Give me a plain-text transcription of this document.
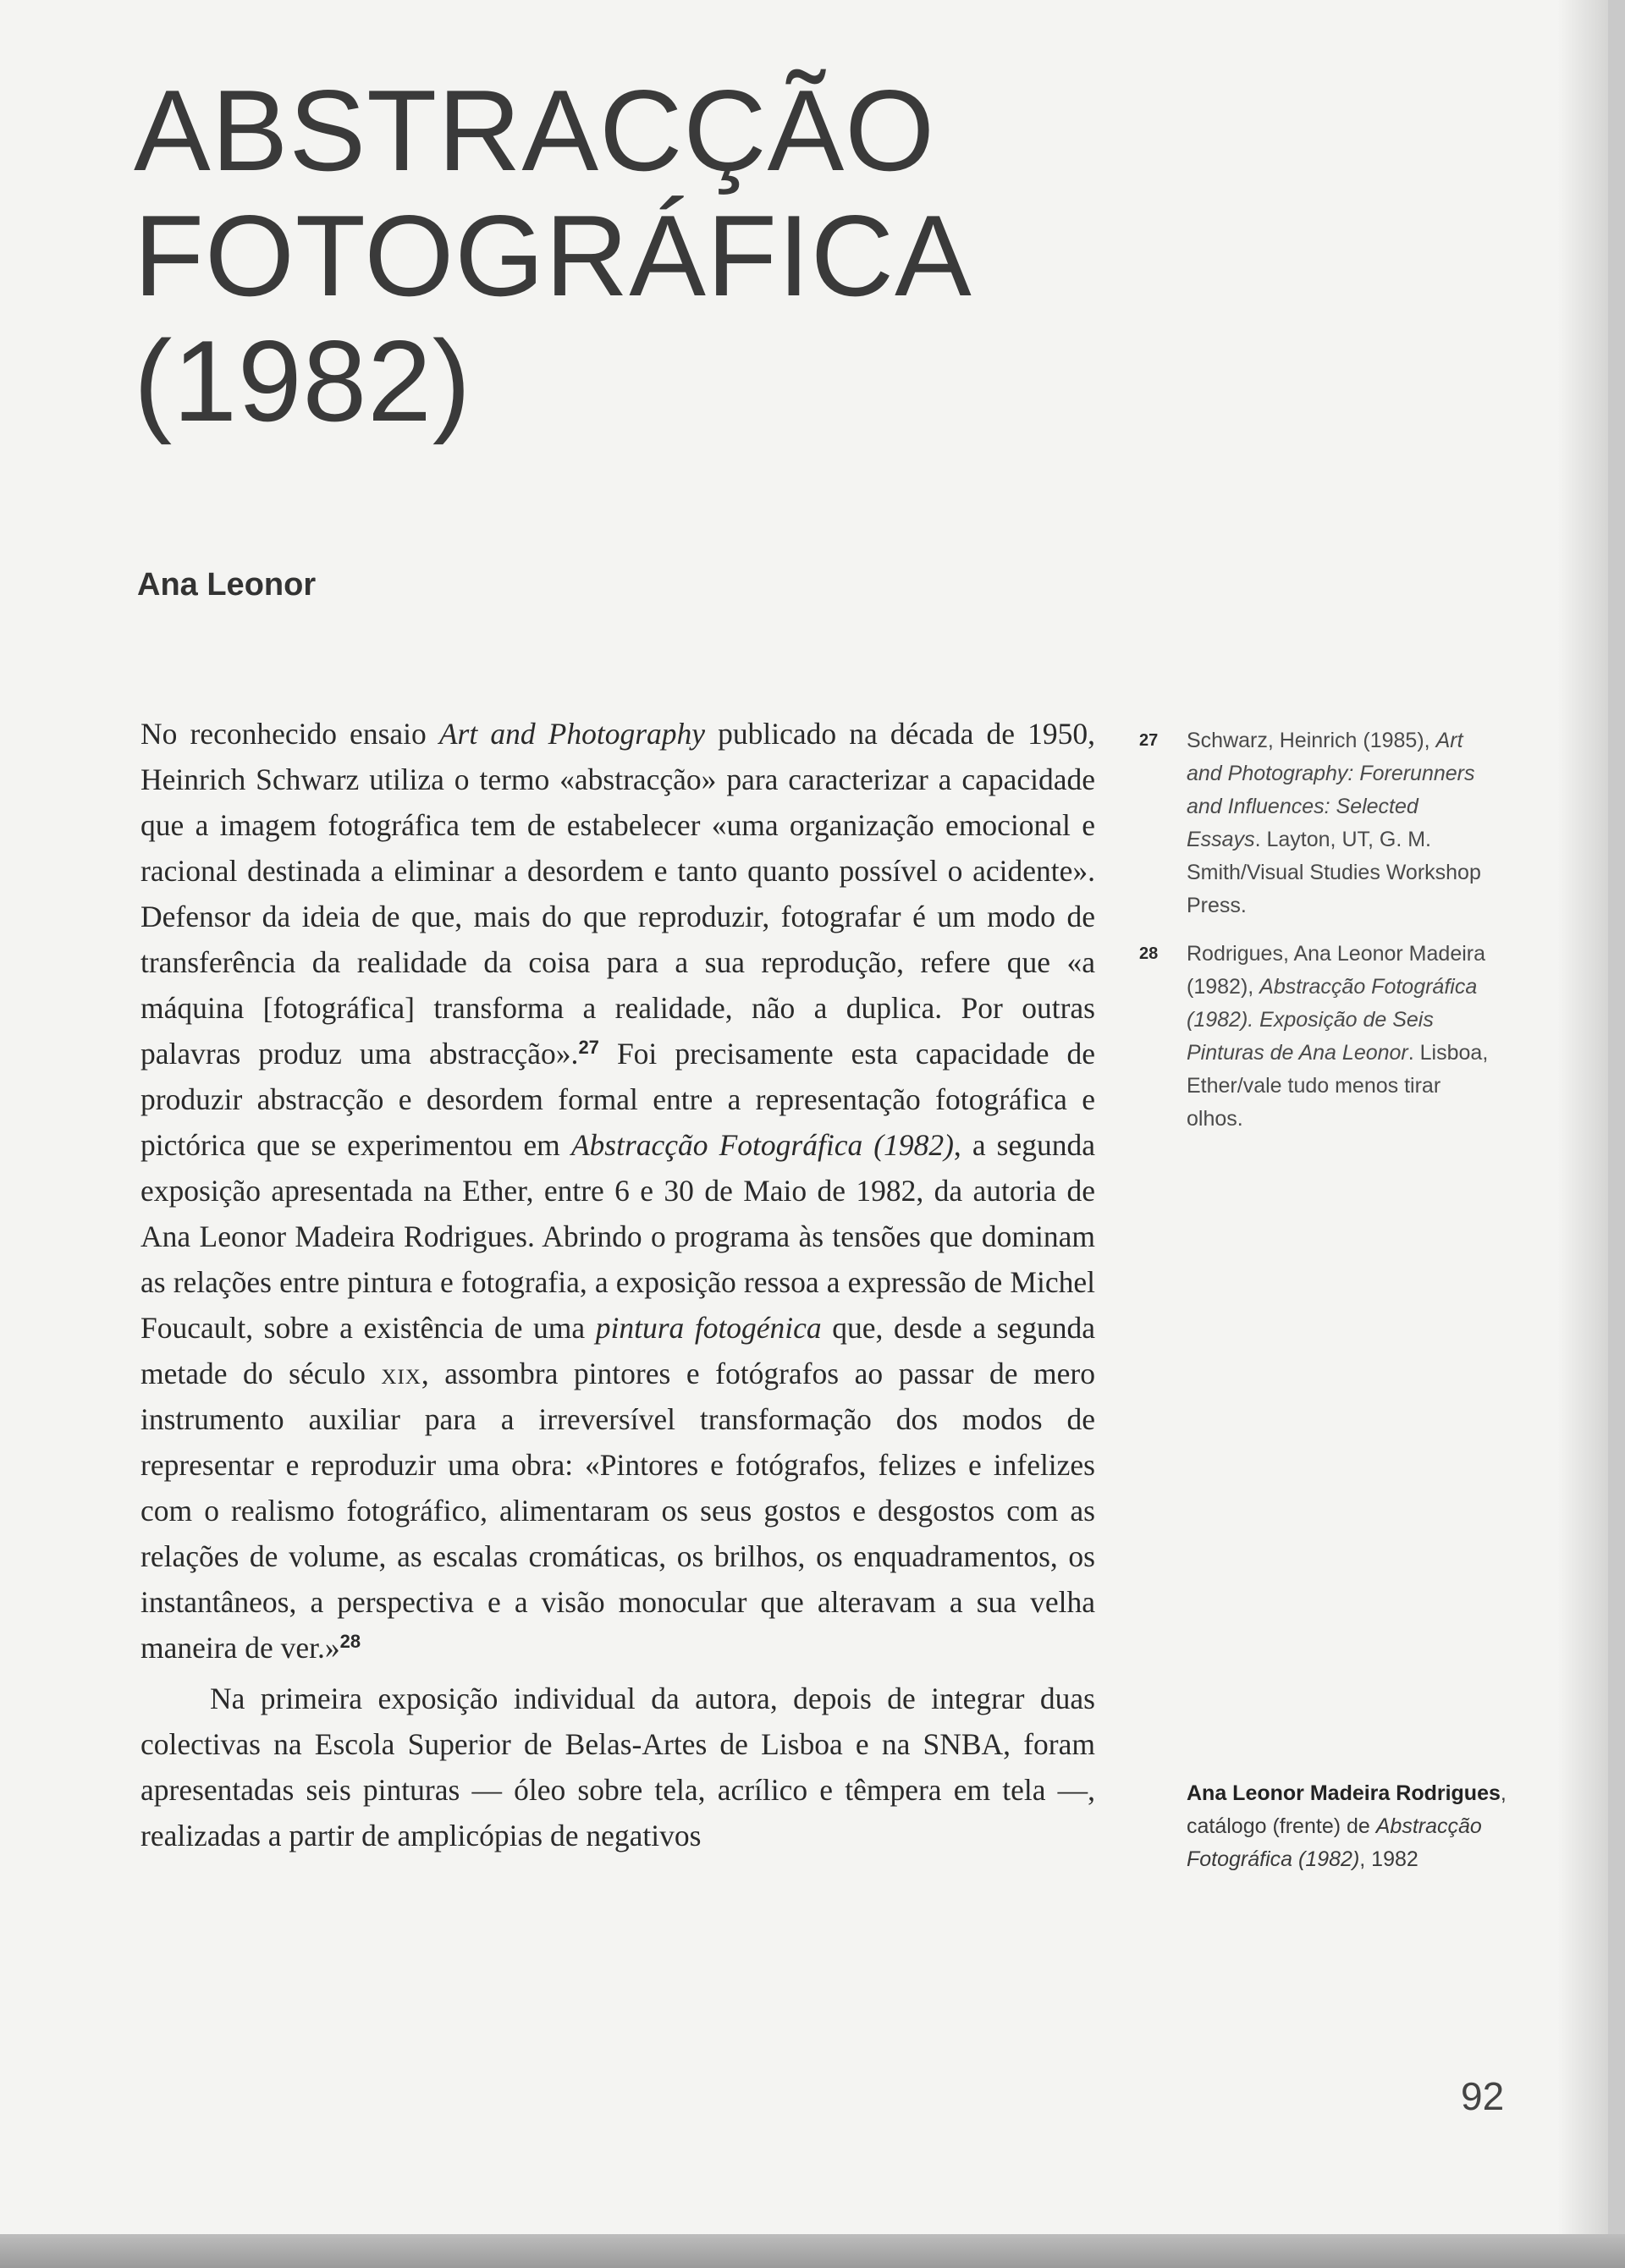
ABSTRACÇÃO
FOTOGRÁFICA
(1982)
Ana Leonor

No reconhecido ensaio Art and Photography publicado na década de 1950, Heinrich Schwarz utiliza o termo «abstracção» para caracterizar a capacidade que a imagem fotográfica tem de estabelecer «uma organização emocional e racional destinada a eliminar a desordem e tanto quanto possível o acidente». Defensor da ideia de que, mais do que reproduzir, fotografar é um modo de transferência da realidade da coisa para a sua reprodução, refere que «a máquina [fotográfica] transforma a realidade, não a duplica. Por outras palavras produz uma abstracção».$^{27}$ Foi precisamente esta capacidade de produzir abstracção e desordem formal entre a representação fotográfica e pictórica que se experimentou em Abstracção Fotográfica (1982), a segunda exposição apresentada na Ether, entre 6 e 30 de Maio de 1982, da autoria de Ana Leonor Madeira Rodrigues. Abrindo o programa às tensões que dominam as relações entre pintura e fotografia, a exposição ressoa a expressão de Michel Foucault, sobre a existência de uma pintura fotogénica que, desde a segunda metade do século xix, assombra pintores e fotógrafos ao passar de mero instrumento auxiliar para a irreversível transformação dos modos de representar e reproduzir uma obra: «Pintores e fotógrafos, felizes e infelizes com o realismo fotográfico, alimentaram os seus gostos e desgostos com as relações de volume, as escalas cromáticas, os brilhos, os enquadramentos, os instantâneos, a perspectiva e a visão monocular que alteravam a sua velha maneira de ver.»$^{28}$

Na primeira exposição individual da autora, depois de integrar duas colectivas na Escola Superior de Belas-Artes de Lisboa e na SNBA, foram apresentadas seis pinturas — óleo sobre tela, acrílico e têmpera em tela —, realizadas a partir de amplicópias de negativos

27 Schwarz, Heinrich (1985), Art and Photography: Forerunners and Influences: Selected Essays. Layton, UT, G. M. Smith/Visual Studies Workshop Press.
28 Rodrigues, Ana Leonor Madeira (1982), Abstracção Fotográfica (1982). Exposição de Seis Pinturas de Ana Leonor. Lisboa, Ether/vale tudo menos tirar olhos.
Ana Leonor Madeira Rodrigues, catálogo (frente) de Abstracção Fotográfica (1982), 1982
92
